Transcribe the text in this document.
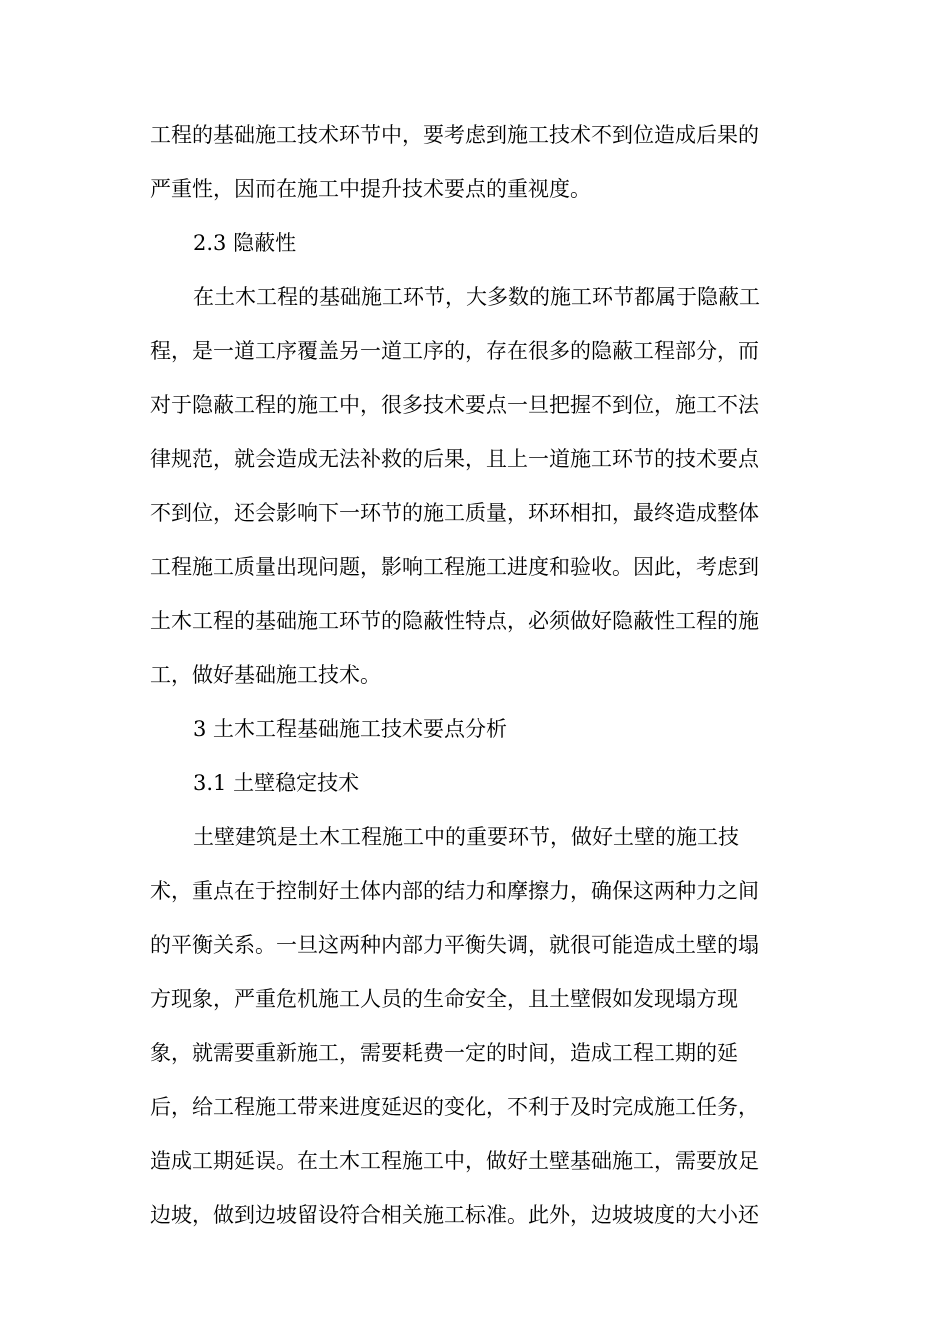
工程的基础施工技术环节中，要考虑到施工技术不到位造成后果的
严重性，因而在施工中提升技术要点的重视度。
2.3 隐蔽性
在土木工程的基础施工环节，大多数的施工环节都属于隐蔽工
程，是一道工序覆盖另一道工序的，存在很多的隐蔽工程部分，而
对于隐蔽工程的施工中，很多技术要点一旦把握不到位，施工不法
律规范，就会造成无法补救的后果，且上一道施工环节的技术要点
不到位，还会影响下一环节的施工质量，环环相扣，最终造成整体
工程施工质量出现问题，影响工程施工进度和验收。因此，考虑到
土木工程的基础施工环节的隐蔽性特点，必须做好隐蔽性工程的施
工，做好基础施工技术。
3 土木工程基础施工技术要点分析
3.1 土壁稳定技术
土壁建筑是土木工程施工中的重要环节，做好土壁的施工技
术，重点在于控制好土体内部的结力和摩擦力，确保这两种力之间
的平衡关系。一旦这两种内部力平衡失调，就很可能造成土壁的塌
方现象，严重危机施工人员的生命安全，且土壁假如发现塌方现
象，就需要重新施工，需要耗费一定的时间，造成工程工期的延
后，给工程施工带来进度延迟的变化，不利于及时完成施工任务，
造成工期延误。在土木工程施工中，做好土壁基础施工，需要放足
边坡，做到边坡留设符合相关施工标准。此外，边坡坡度的大小还
